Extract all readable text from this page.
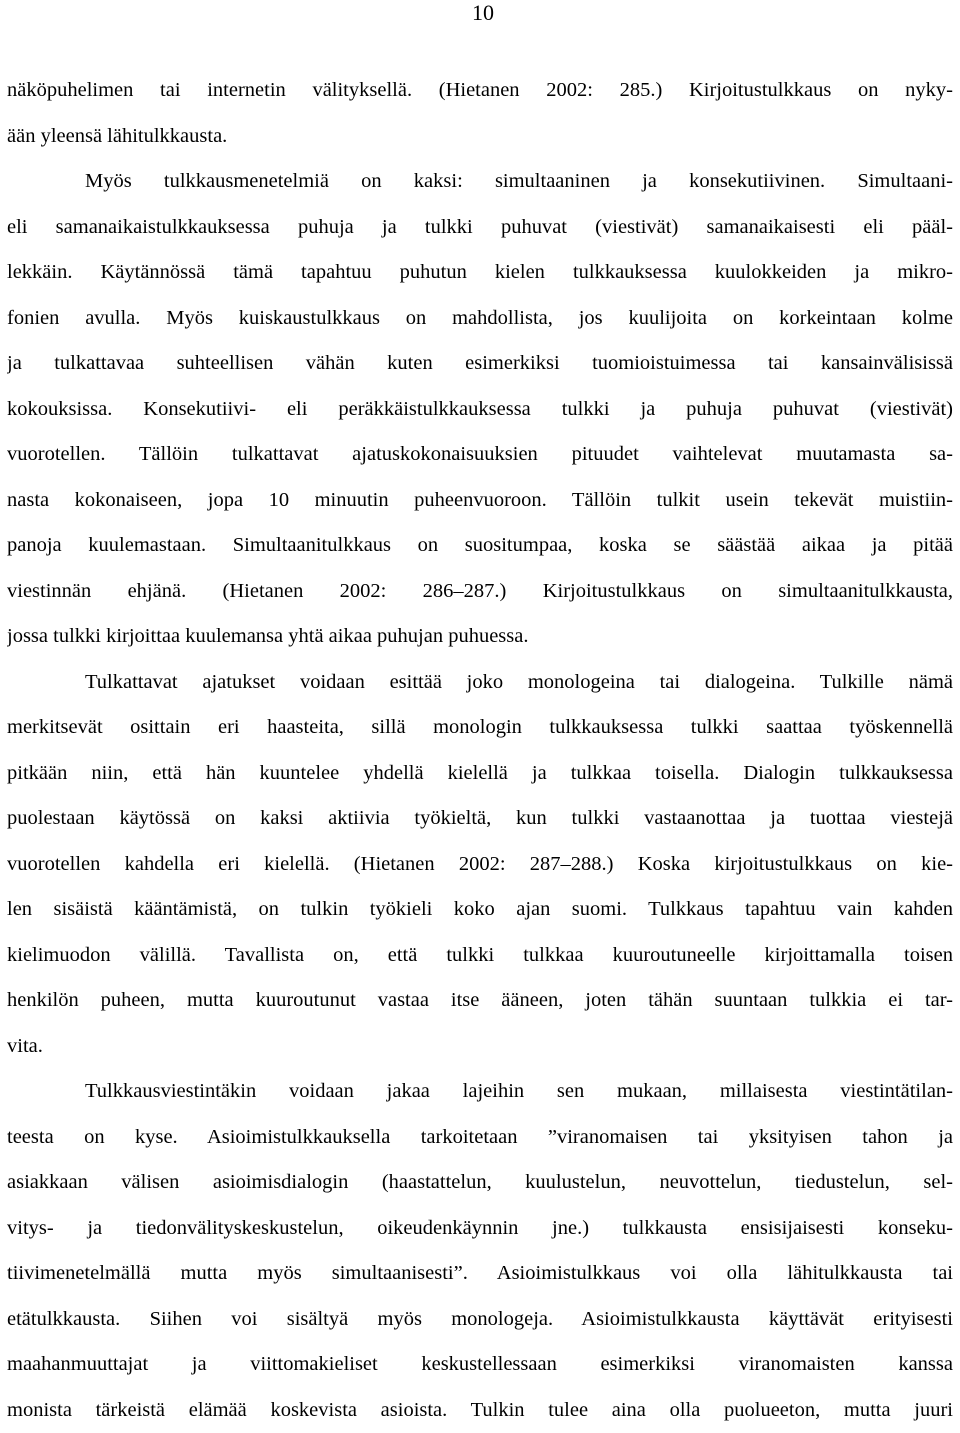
10
näköpuhelimen tai internetin välityksellä. (Hietanen 2002: 285.) Kirjoitustulkkaus on nyky-
ään yleensä lähitulkkausta.
Myös tulkkausmenetelmiä on kaksi: simultaaninen ja konsekutiivinen. Simultaani-
eli samanaikaistulkkauksessa puhuja ja tulkki puhuvat (viestivät) samanaikaisesti eli pääl-
lekkäin. Käytännössä tämä tapahtuu puhutun kielen tulkkauksessa kuulokkeiden ja mikro-
fonien avulla. Myös kuiskaustulkkaus on mahdollista, jos kuulijoita on korkeintaan kolme
ja tulkattavaa suhteellisen vähän kuten esimerkiksi tuomioistuimessa tai kansainvälisissä
kokouksissa. Konsekutiivi- eli peräkkäistulkkauksessa tulkki ja puhuja puhuvat (viestivät)
vuorotellen. Tällöin tulkattavat ajatuskokonaisuuksien pituudet vaihtelevat muutamasta sa-
nasta kokonaiseen, jopa 10 minuutin puheenvuoroon. Tällöin tulkit usein tekevät muistiin-
panoja kuulemastaan. Simultaanitulkkaus on suositumpaa, koska se säästää aikaa ja pitää
viestinnän ehjänä. (Hietanen 2002: 286–287.) Kirjoitustulkkaus on simultaanitulkkausta,
jossa tulkki kirjoittaa kuulemansa yhtä aikaa puhujan puhuessa.
Tulkattavat ajatukset voidaan esittää joko monologeina tai dialogeina. Tulkille nämä
merkitsevät osittain eri haasteita, sillä monologin tulkkauksessa tulkki saattaa työskennellä
pitkään niin, että hän kuuntelee yhdellä kielellä ja tulkkaa toisella. Dialogin tulkkauksessa
puolestaan käytössä on kaksi aktiivia työkieltä, kun tulkki vastaanottaa ja tuottaa viestejä
vuorotellen kahdella eri kielellä. (Hietanen 2002: 287–288.) Koska kirjoitustulkkaus on kie-
len sisäistä kääntämistä, on tulkin työkieli koko ajan suomi. Tulkkaus tapahtuu vain kahden
kielimuodon välillä. Tavallista on, että tulkki tulkkaa kuuroutuneelle kirjoittamalla toisen
henkilön puheen, mutta kuuroutunut vastaa itse ääneen, joten tähän suuntaan tulkkia ei tar-
vita.
Tulkkausviestintäkin voidaan jakaa lajeihin sen mukaan, millaisesta viestintätilan-
teesta on kyse. Asioimistulkkauksella tarkoitetaan ”viranomaisen tai yksityisen tahon ja
asiakkaan välisen asioimisdialogin (haastattelun, kuulustelun, neuvottelun, tiedustelun, sel-
vitys- ja tiedonvälityskeskustelun, oikeudenkäynnin jne.) tulkkausta ensisijaisesti konseku-
tiivimenetelmällä mutta myös simultaanisesti”. Asioimistulkkaus voi olla lähitulkkausta tai
etätulkkausta. Siihen voi sisältyä myös monologeja. Asioimistulkkausta käyttävät erityisesti
maahanmuuttajat ja viittomakieliset keskustellessaan esimerkiksi viranomaisten kanssa
monista tärkeistä elämää koskevista asioista. Tulkin tulee aina olla puolueeton, mutta juuri
